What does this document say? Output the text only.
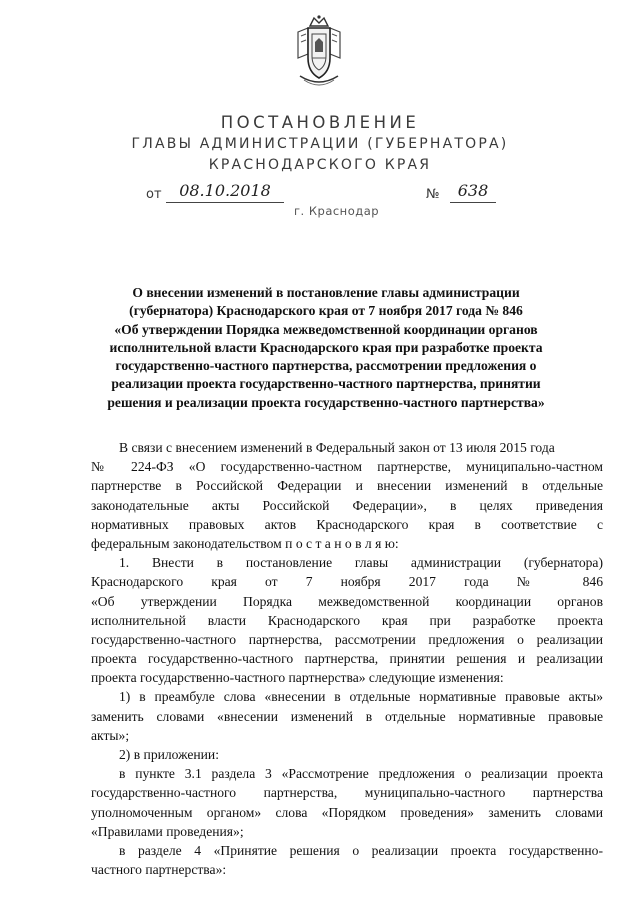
ПОСТАНОВЛЕНИЕ
ГЛАВЫ АДМИНИСТРАЦИИ (ГУБЕРНАТОРА)
КРАСНОДАРСКОГО КРАЯ
от	08.10.2018	№	638
г. Краснодар
О внесении изменений в постановление главы администрации
(губернатора) Краснодарского края от 7 ноября 2017 года № 846
«Об утверждении Порядка межведомственной координации органов
исполнительной власти Краснодарского края при разработке проекта
государственно-частного партнерства, рассмотрении предложения о
реализации проекта государственно-частного партнерства, принятии
решения и реализации проекта государственно-частного партнерства»
В связи с внесением изменений в Федеральный закон от 13 июля 2015 года
№ 224-ФЗ «О государственно-частном партнерстве, муниципально-частном
партнерстве в Российской Федерации и внесении изменений в отдельные
законодательные акты Российской Федерации», в целях приведения
нормативных правовых актов Краснодарского края в соответствие с
федеральным законодательством п о с т а н о в л я ю:
1. Внести в постановление главы администрации (губернатора)
Краснодарского края от 7 ноября 2017 года № 846
«Об утверждении Порядка межведомственной координации органов
исполнительной власти Краснодарского края при разработке проекта
государственно-частного партнерства, рассмотрении предложения о реализации
проекта государственно-частного партнерства, принятии решения и реализации
проекта государственно-частного партнерства» следующие изменения:
1) в преамбуле слова «внесении в отдельные нормативные правовые акты»
заменить словами «внесении изменений в отдельные нормативные правовые
акты»;
2) в приложении:
в пункте 3.1 раздела 3 «Рассмотрение предложения о реализации проекта
государственно-частного партнерства, муниципально-частного партнерства
уполномоченным органом» слова «Порядком проведения» заменить словами
«Правилами проведения»;
в разделе 4 «Принятие решения о реализации проекта государственно-
частного партнерства»:
